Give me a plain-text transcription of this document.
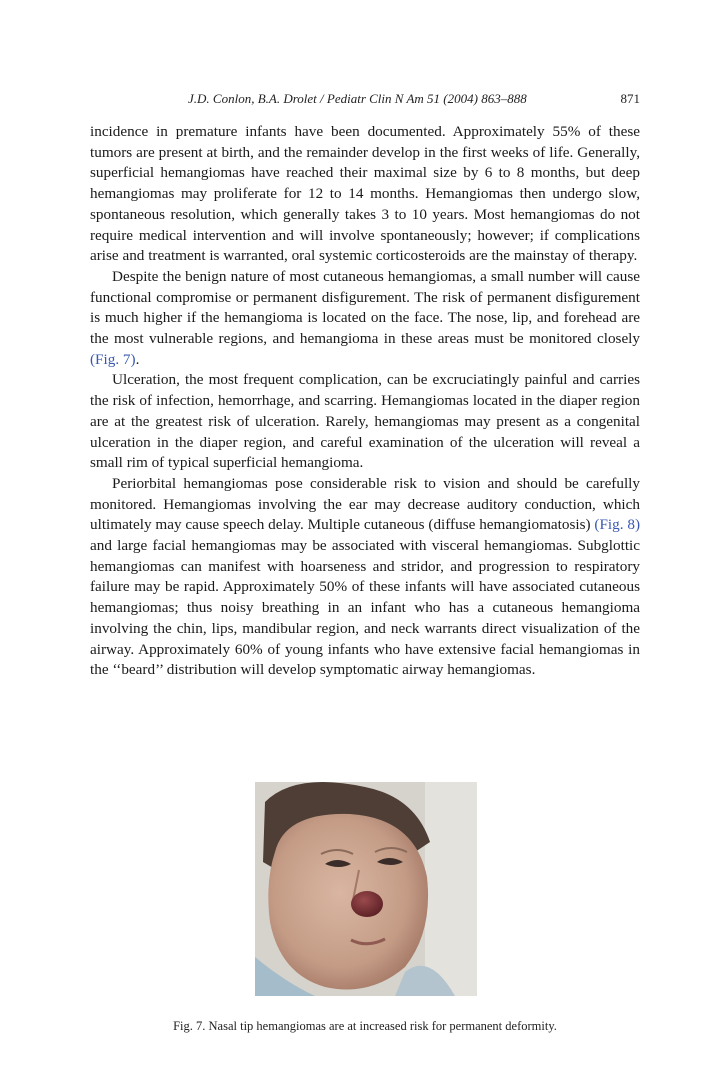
J.D. Conlon, B.A. Drolet / Pediatr Clin N Am 51 (2004) 863–888	871

incidence in premature infants have been documented. Approximately 55% of these tumors are present at birth, and the remainder develop in the first weeks of life. Generally, superficial hemangiomas have reached their maximal size by 6 to 8 months, but deep hemangiomas may proliferate for 12 to 14 months. Hemangiomas then undergo slow, spontaneous resolution, which generally takes 3 to 10 years. Most hemangiomas do not require medical intervention and will involve spontaneously; however; if complications arise and treatment is warranted, oral systemic corticosteroids are the mainstay of therapy.

Despite the benign nature of most cutaneous hemangiomas, a small number will cause functional compromise or permanent disfigurement. The risk of permanent disfigurement is much higher if the hemangioma is located on the face. The nose, lip, and forehead are the most vulnerable regions, and hemangioma in these areas must be monitored closely (Fig. 7).

Ulceration, the most frequent complication, can be excruciatingly painful and carries the risk of infection, hemorrhage, and scarring. Hemangiomas located in the diaper region are at the greatest risk of ulceration. Rarely, hemangiomas may present as a congenital ulceration in the diaper region, and careful examination of the ulceration will reveal a small rim of typical superficial hemangioma.

Periorbital hemangiomas pose considerable risk to vision and should be carefully monitored. Hemangiomas involving the ear may decrease auditory conduction, which ultimately may cause speech delay. Multiple cutaneous (diffuse hemangiomatosis) (Fig. 8) and large facial hemangiomas may be associated with visceral hemangiomas. Subglottic hemangiomas can manifest with hoarseness and stridor, and progression to respiratory failure may be rapid. Approximately 50% of these infants will have associated cutaneous hemangiomas; thus noisy breathing in an infant who has a cutaneous hemangioma involving the chin, lips, mandibular region, and neck warrants direct visualization of the airway. Approximately 60% of young infants who have extensive facial hemangiomas in the ‘‘beard’’ distribution will develop symptomatic airway hemangiomas.

Fig. 7. Nasal tip hemangiomas are at increased risk for permanent deformity.
